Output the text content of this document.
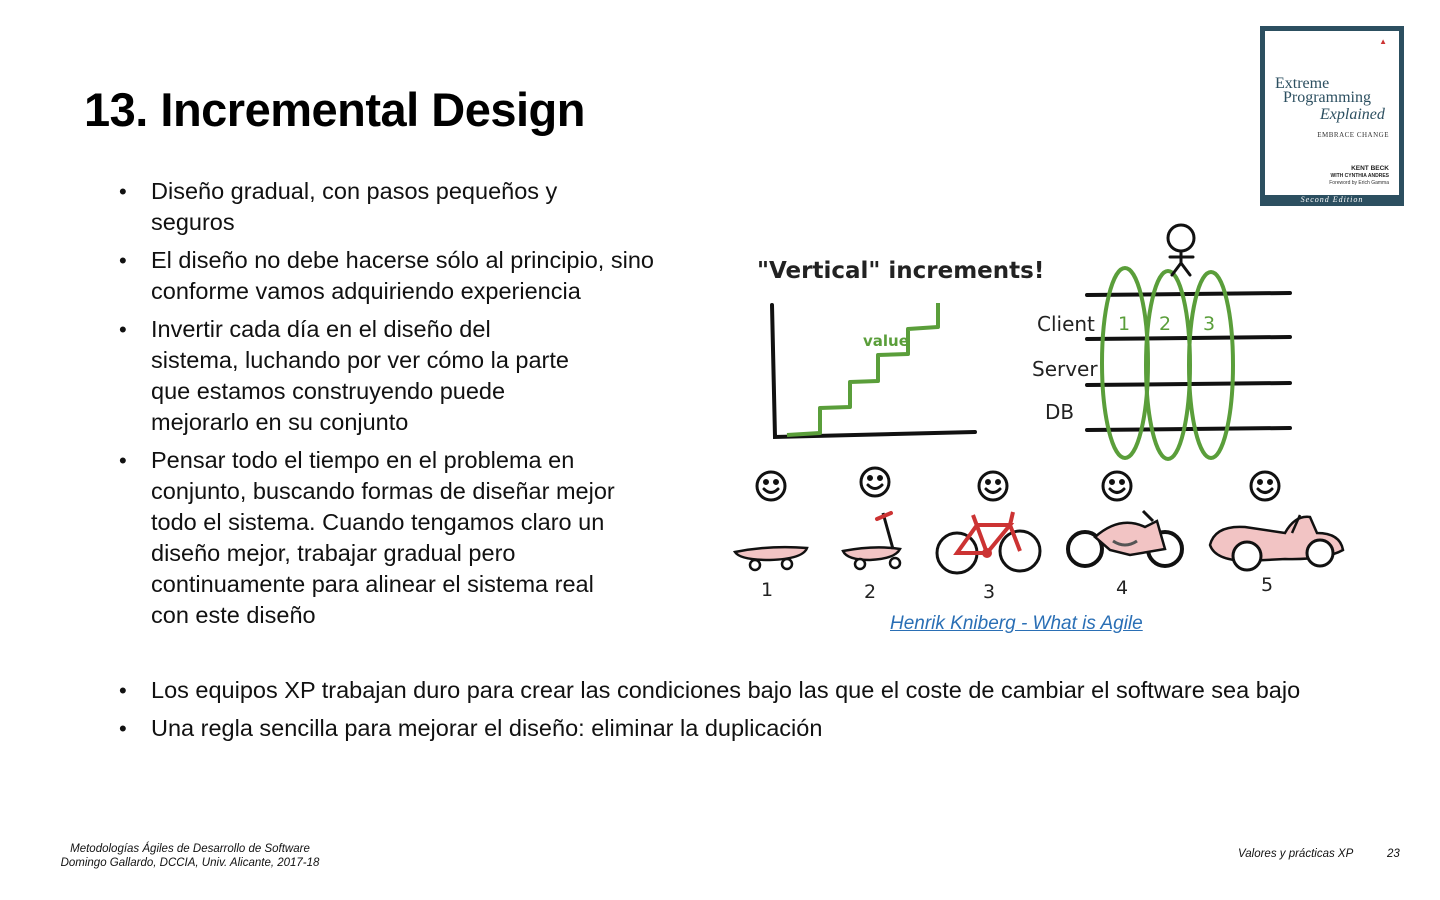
13. Incremental Design
• Diseño gradual, con pasos pequeños y seguros
• El diseño no debe hacerse sólo al principio, sino conforme vamos adquiriendo experiencia
• Invertir cada día en el diseño del sistema, luchando por ver cómo la parte que estamos construyendo puede mejorarlo en su conjunto
• Pensar todo el tiempo en el problema en conjunto, buscando formas de diseñar mejor todo el sistema. Cuando tengamos claro un diseño mejor, trabajar gradual pero continuamente para alinear el sistema real con este diseño
▲
Extreme
Programming
Explained
EMBRACE CHANGE
KENT BECK
WITH CYNTHIA ANDRES
Foreword by Erich Gamma
Second Edition
"Vertical" increments!
value
Client
Server
DB
1 2 3
1	2	3	4	5
Henrik Kniberg - What is Agile
• Los equipos XP trabajan duro para crear las condiciones bajo las que el coste de cambiar el software sea bajo
• Una regla sencilla para mejorar el diseño: eliminar la duplicación
Metodologías Ágiles de Desarrollo de Software
Domingo Gallardo, DCCIA, Univ. Alicante, 2017-18
Valores y prácticas XP	23
